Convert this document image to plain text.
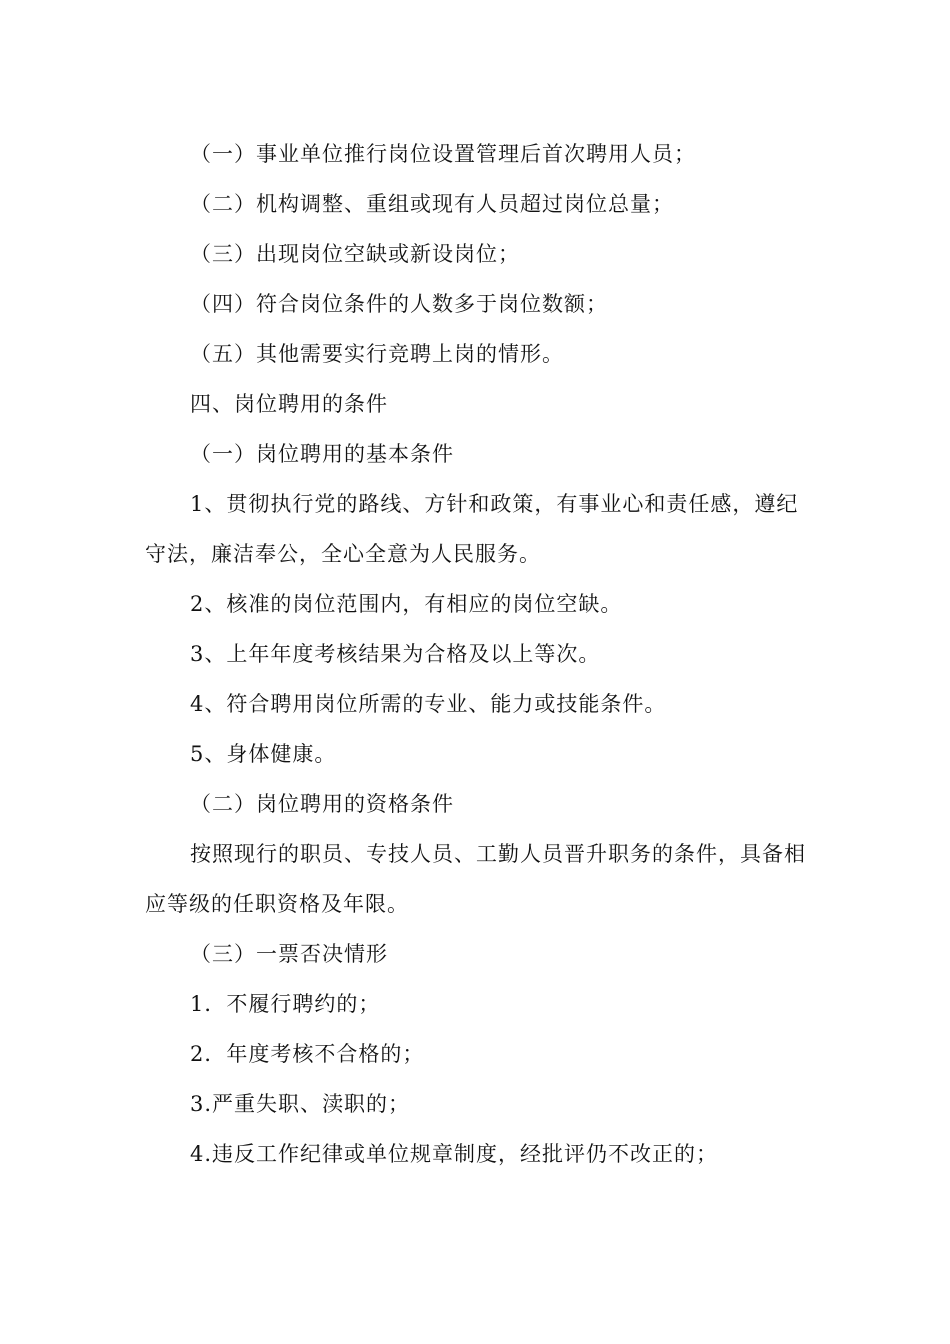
（一）事业单位推行岗位设置管理后首次聘用人员；
（二）机构调整、重组或现有人员超过岗位总量；
（三）出现岗位空缺或新设岗位；
（四）符合岗位条件的人数多于岗位数额；
（五）其他需要实行竞聘上岗的情形。
四、岗位聘用的条件
（一）岗位聘用的基本条件
1、贯彻执行党的路线、方针和政策，有事业心和责任感，遵纪
守法，廉洁奉公，全心全意为人民服务。
2、核准的岗位范围内，有相应的岗位空缺。
3、上年年度考核结果为合格及以上等次。
4、符合聘用岗位所需的专业、能力或技能条件。
5、身体健康。
（二）岗位聘用的资格条件
按照现行的职员、专技人员、工勤人员晋升职务的条件，具备相
应等级的任职资格及年限。
（三）一票否决情形
1．不履行聘约的；
2．年度考核不合格的；
3.严重失职、渎职的；
4.违反工作纪律或单位规章制度，经批评仍不改正的；
